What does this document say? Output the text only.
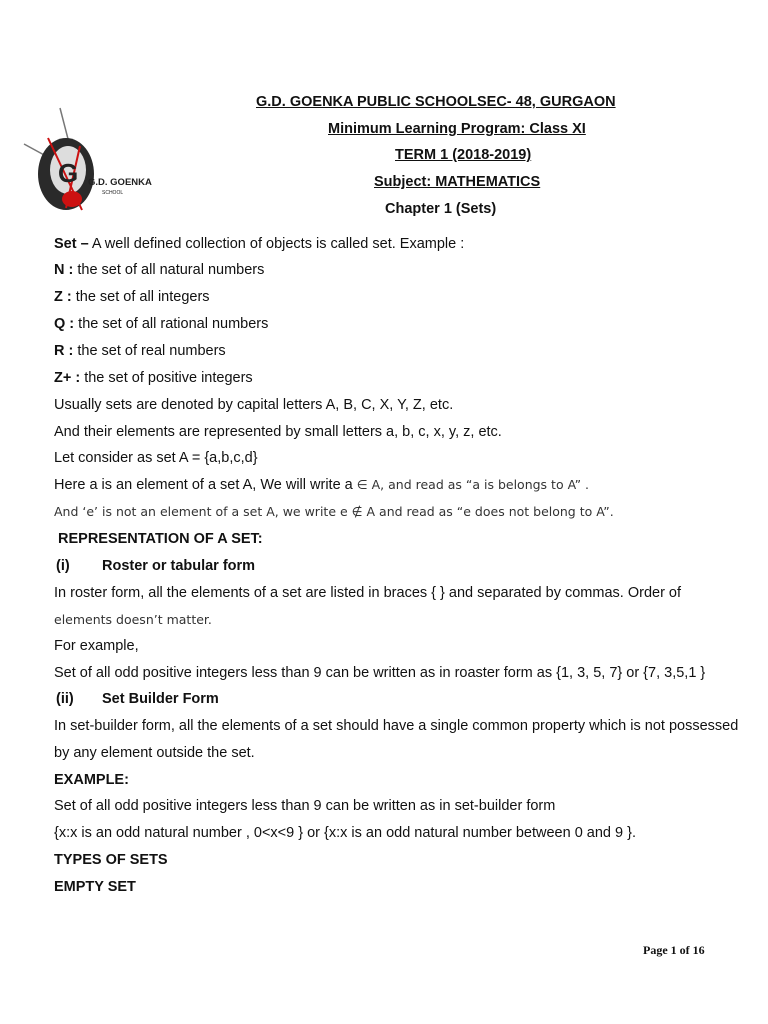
G G.D. GOENKA
SCHOOL

G.D. GOENKA PUBLIC SCHOOLSEC- 48, GURGAON

Minimum Learning Program: Class XI

TERM 1 (2018-2019)

Subject: MATHEMATICS

Chapter 1 (Sets)

Set – A well defined collection of objects is called set. Example :

N : the set of all natural numbers

Z : the set of all integers

Q : the set of all rational numbers

R : the set of real numbers

Z+ : the set of positive integers

Usually sets are denoted by capital letters A, B, C, X, Y, Z, etc.

And their elements are represented by small letters a, b, c, x, y, z, etc.

Let consider as set A = {a,b,c,d}

Here a is an element of a set A, We will write a ∈ A, and read as “a is belongs to A” .

And ‘e’ is not an element of a set A, we write e ∉ A and read as “e does not belong to A”.

REPRESENTATION OF A SET:

(i) Roster or tabular form

In roster form, all the elements of a set are listed in braces { } and separated by commas. Order of

elements doesn’t matter.

For example,

Set of all odd positive integers less than 9 can be written as in roaster form as {1, 3, 5, 7} or {7, 3,5,1 }

(ii) Set Builder Form

In set-builder form, all the elements of a set should have a single common property which is not possessed

by any element outside the set.

EXAMPLE:

Set of all odd positive integers less than 9 can be written as in set-builder form

{x:x is an odd natural number , 0<x<9 } or {x:x is an odd natural number between 0 and 9 }.

TYPES OF SETS

EMPTY SET

Page 1 of 16
